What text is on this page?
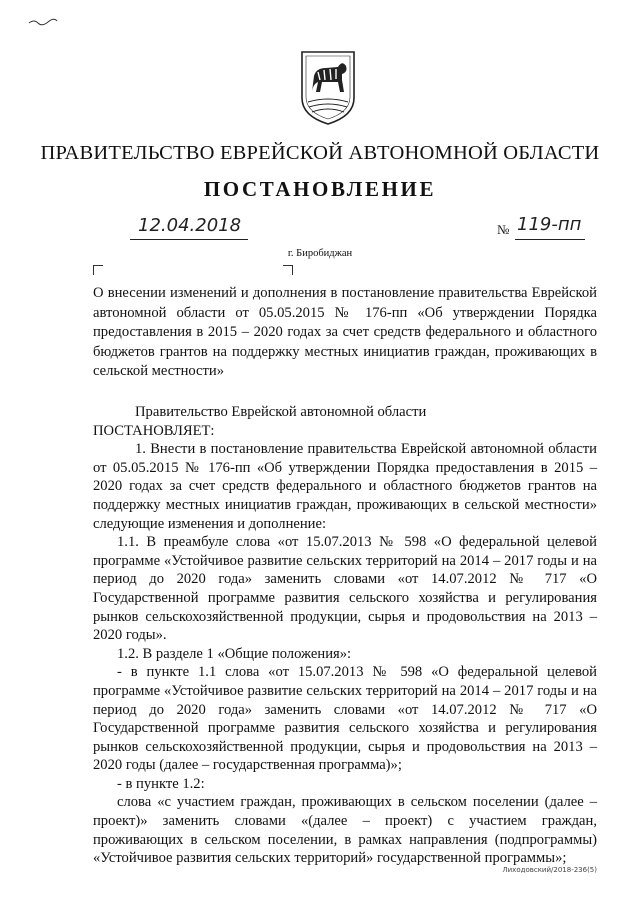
ПРАВИТЕЛЬСТВО ЕВРЕЙСКОЙ АВТОНОМНОЙ ОБЛАСТИ
ПОСТАНОВЛЕНИЕ
12.04.2018	№ 119-пп
г. Биробиджан
О внесении изменений и дополнения в постановление правительства Еврейской автономной области от 05.05.2015 № 176-пп «Об утверждении Порядка предоставления в 2015 – 2020 годах за счет средств федерального и областного бюджетов грантов на поддержку местных инициатив граждан, проживающих в сельской местности»

Правительство Еврейской автономной области

ПОСТАНОВЛЯЕТ:

1. Внести в постановление правительства Еврейской автономной области от 05.05.2015 № 176-пп «Об утверждении Порядка предоставления в 2015 – 2020 годах за счет средств федерального и областного бюджетов грантов на поддержку местных инициатив граждан, проживающих в сельской местности» следующие изменения и дополнение:

1.1. В преамбуле слова «от 15.07.2013 № 598 «О федеральной целевой программе «Устойчивое развитие сельских территорий на 2014 – 2017 годы и на период до 2020 года» заменить словами «от 14.07.2012 № 717 «О Государственной программе развития сельского хозяйства и регулирования рынков сельскохозяйственной продукции, сырья и продовольствия на 2013 – 2020 годы».

1.2. В разделе 1 «Общие положения»:

- в пункте 1.1 слова «от 15.07.2013 № 598 «О федеральной целевой программе «Устойчивое развитие сельских территорий на 2014 – 2017 годы и на период до 2020 года» заменить словами «от 14.07.2012 № 717 «О Государственной программе развития сельского хозяйства и регулирования рынков сельскохозяйственной продукции, сырья и продовольствия на 2013 – 2020 годы (далее – государственная программа)»;

- в пункте 1.2:

слова «с участием граждан, проживающих в сельском поселении (далее – проект)» заменить словами «(далее – проект) с участием граждан, проживающих в сельском поселении, в рамках направления (подпрограммы) «Устойчивое развития сельских территорий» государственной программы»;

Лиходовский/2018-236(5)
